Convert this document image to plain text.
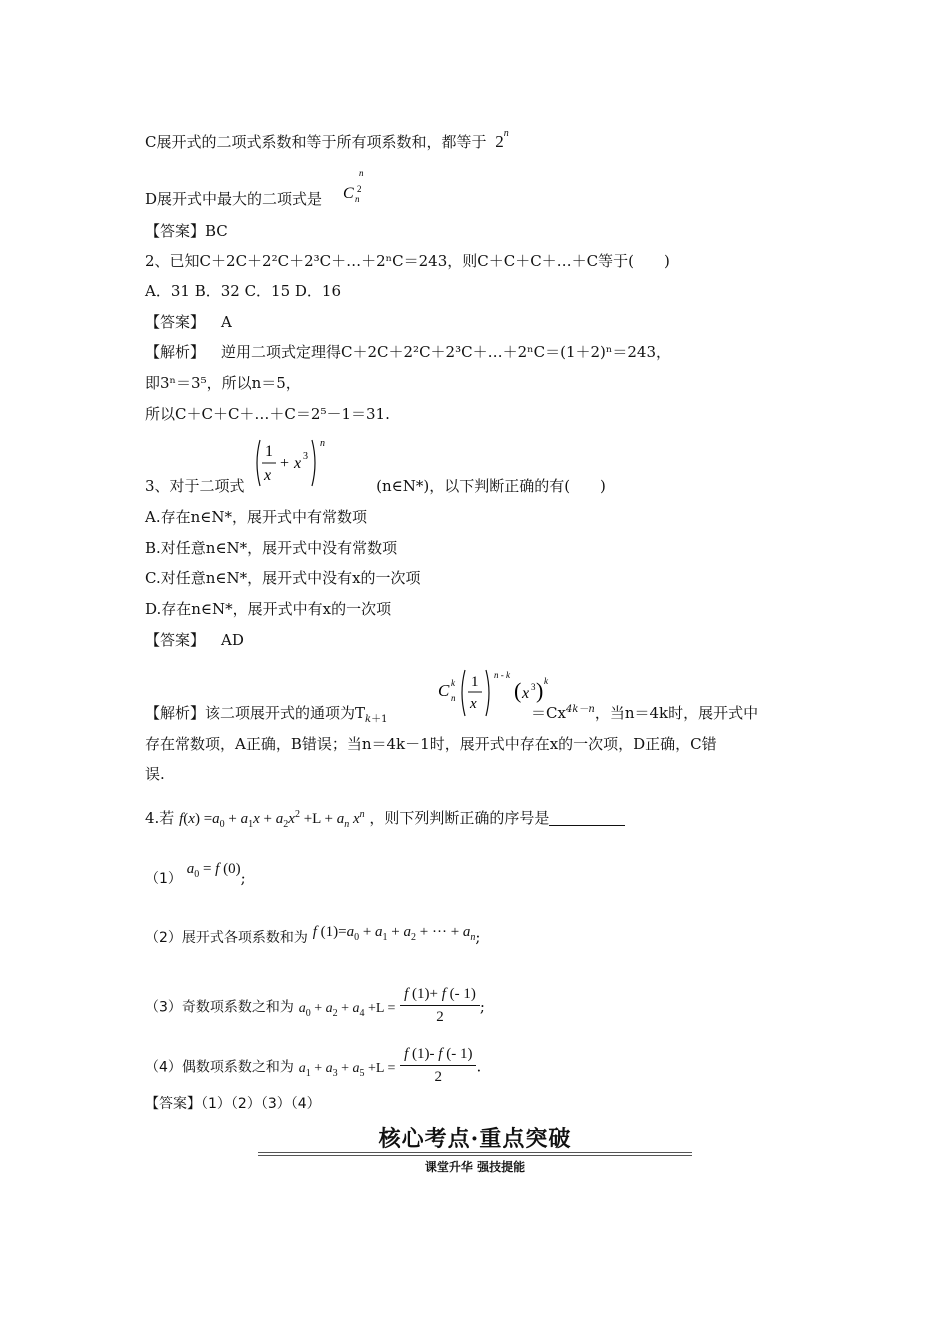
C展开式的二项式系数和等于所有项系数和，都等于 2$^n$
D展开式中最大的二项式是
n
C 2
n
【答案】BC
2、已知C＋2C＋2²C＋2³C＋…＋2ⁿC＝243，则C＋C＋C＋…＋C等于(　　)
A．31 B．32 C．15 D．16
【答案】 A
【解析】 逆用二项式定理得C＋2C＋2²C＋2³C＋…＋2ⁿC＝(1＋2)ⁿ＝243，
即3ⁿ＝3⁵，所以n＝5，
所以C＋C＋C＋…＋C＝2⁵－1＝31.
3、对于二项式	(n∈N*)，以下判断正确的有(　　)
1
x
+ x 3
n
A.存在n∈N*，展开式中有常数项
B.对任意n∈N*，展开式中没有常数项
C.对任意n∈N*，展开式中没有x的一次项
D.存在n∈N*，展开式中有x的一次项
【答案】 AD
C k
n
1
x
n - k
( x 3 ) k
【解析】该二项展开式的通项为$T_{k+1}$	$=Cx^{4k-n}$，当n＝4k时，展开式中
存在常数项，A正确，B错误；当n＝4k－1时，展开式中存在x的一次项，D正确，C错
误.
4.若 $f(x) =a_0 + a_1x + a_2x^2 +L + a_n$ $x^n$ ，则下列判断正确的序号是
（1） $a_0 = f$ (0);
（2）展开式各项系数和为 f $(1)=a_0 + a_1 + a_2$ + ··· + $a_n$;
（3）奇数项系数之和为 $a_0 + a_2 + a_4 +L = \frac{f (1)+ f (- 1)}{2}$ ;
（4）偶数项系数之和为 $a_1 + a_3 + a_5 +L = \frac{f (1)- f (- 1)}{2}$ .
【答案】（1）（2）（3）（4）
核心考点·重点突破
课堂升华 强技提能
